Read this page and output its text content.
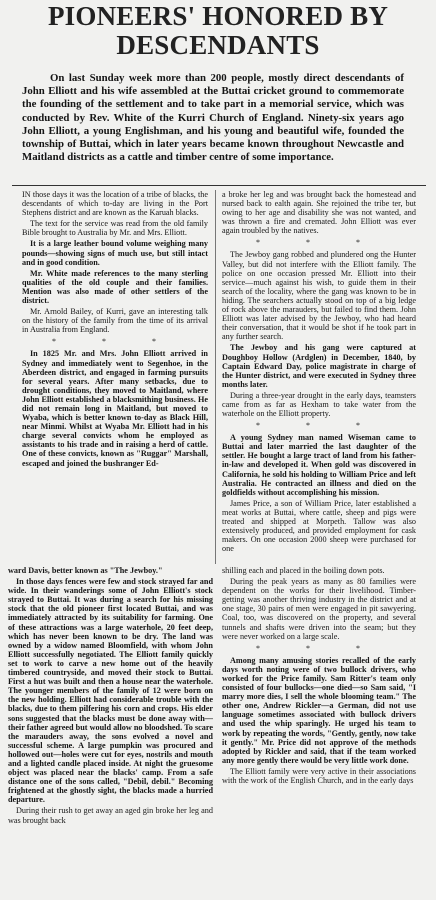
PIONEERS' HONORED BY DESCENDANTS
On last Sunday week more than 200 people, mostly direct descendants of John Elliott and his wife assembled at the Buttai cricket ground to commemorate the founding of the settlement and to take part in a memorial service, which was conducted by Rev. White of the Kurri Church of England. Ninety-six years ago John Elliott, a young Englishman, and his young and beautiful wife, founded the township of Buttai, which in later years became known throughout Newcastle and Maitland districts as a cattle and timber centre of some importance.

IN those days it was the location of a tribe of blacks, the descendants of which to-day are living in the Port Stephens district and are known as the Karuah blacks.

The text for the service was read from the old family Bible brought to Australia by Mr. and Mrs. Elliott.

It is a large leather bound volume weighing many pounds—showing signs of much use, but still intact and in good condition.

Mr. White made references to the many sterling qualities of the old couple and their families. Mention was also made of other settlers of the district.

Mr. Arnold Bailey, of Kurri, gave an interesting talk on the history of the family from the time of its arrival in Australia from England.

* * *

In 1825 Mr. and Mrs. John Elliott arrived in Sydney and immediately went to Segenhoe, in the Aberdeen district, and engaged in farming pursuits for several years. After many setbacks, due to drought conditions, they moved to Maitland, where John Elliott established a blacksmithing business. He did not remain long in Maitland, but moved to Wyaba, which is better known to-day as Black Hill, near Minmi. Whilst at Wyaba Mr. Elliott had in his charge several convicts whom he employed as assistants to his trade and in raising a herd of cattle. One of these convicts, known as "Ruggar" Marshall, escaped and joined the bushranger Ed-

a broke her leg and was brought back the homestead and nursed back to ealth again. She rejoined the tribe ter, but owing to her age and disability she was not wanted, and was thrown a fire and cremated. John Elliott was ever again troubled by the natives.

* * *

The Jewboy gang robbed and plundered ong the Hunter Valley, but did not interfere with the Elliott family. The police on one occasion pressed Mr. Elliott into their service—much against his wish, to guide them in their search of the locality, where the gang was known to be in hiding. The searchers actually stood on top of a big ledge of rock above the marauders, but failed to find them. John Elliott was later advised by the Jewboy, who had heard their conversation, that it would be shot if he took part in any further search.

The Jewboy and his gang were captured at Doughboy Hollow (Ardglen) in December, 1840, by Captain Edward Day, police magistrate in charge of the Hunter district, and were executed in Sydney three months later.

During a three-year drought in the early days, teamsters came from as far as Hexham to take water from the waterhole on the Elliott property.

* * *

A young Sydney man named Wiseman came to Buttai and later married the last daughter of the settler. He bought a large tract of land from his father-in-law and developed it. When gold was discovered in California, he sold his holding to William Price and left Australia. He contracted an illness and died on the goldfields without accomplishing his mission.

James Price, a son of William Price, later established a meat works at Buttai, where cattle, sheep and pigs were treated and shipped at Morpeth. Tallow was also extensively produced, and provided employment for cask makers. On one occasion 2000 sheep were purchased for one

ward Davis, better known as "The Jewboy."

In those days fences were few and stock strayed far and wide. In their wanderings some of John Elliott's stock strayed to Buttai. It was during a search for his missing stock that the old pioneer first located Buttai, and was immediately attracted by its suitability for farming. One of these attractions was a large waterhole, 20 feet deep, which has never been known to be dry. The land was owned by a widow named Bloomfield, with whom John Elliott successfully negotiated. The Elliott family quickly set to work to carve a new home out of the heavily timbered countryside, and moved their stock to Buttai. First a hut was built and then a house near the waterhole. The younger members of the family of 12 were born on the new holding. Elliott had considerable trouble with the blacks, due to them pilfering his corn and crops. His elder sons suggested that the blacks must be done away with—their father agreed but would allow no bloodshed. To scare the marauders away, the sons evolved a novel and successful scheme. A large pumpkin was procured and hollowed out—holes were cut for eyes, nostrils and mouth and a lighted candle placed inside. At night the gruesome object was placed near the blacks' camp. From a safe distance one of the sons called, "Debil, debil." Becoming frightened at the ghostly sight, the blacks made a hurried departure.

During their rush to get away an aged gin broke her leg and was brought back

shilling each and placed in the boiling down pots.

During the peak years as many as 80 families were dependent on the works for their livelihood. Timber-getting was another thriving industry in the district and at one stage, 30 pairs of men were engaged in pit sawyering. Coal, too, was discovered on the property, and several tunnels and shafts were driven into the seam; but they were never worked on a large scale.

* * *

Among many amusing stories recalled of the early days worth noting were of two bullock drivers, who worked for the Price family. Sam Ritter's team only consisted of four bullocks—one died—so Sam said, "I marry more dies, I sell the whole blooming team." The other one, Andrew Rickler—a German, did not use language sometimes associated with bullock drivers and used the whip sparingly. He urged his team to work by repeating the words, "Gently, gently, now take it gently." Mr. Price did not approve of the methods adopted by Rickler and said, that if the team worked any more gently there would be very little work done.

The Elliott family were very active in their associations with the work of the English Church, and in the early days
